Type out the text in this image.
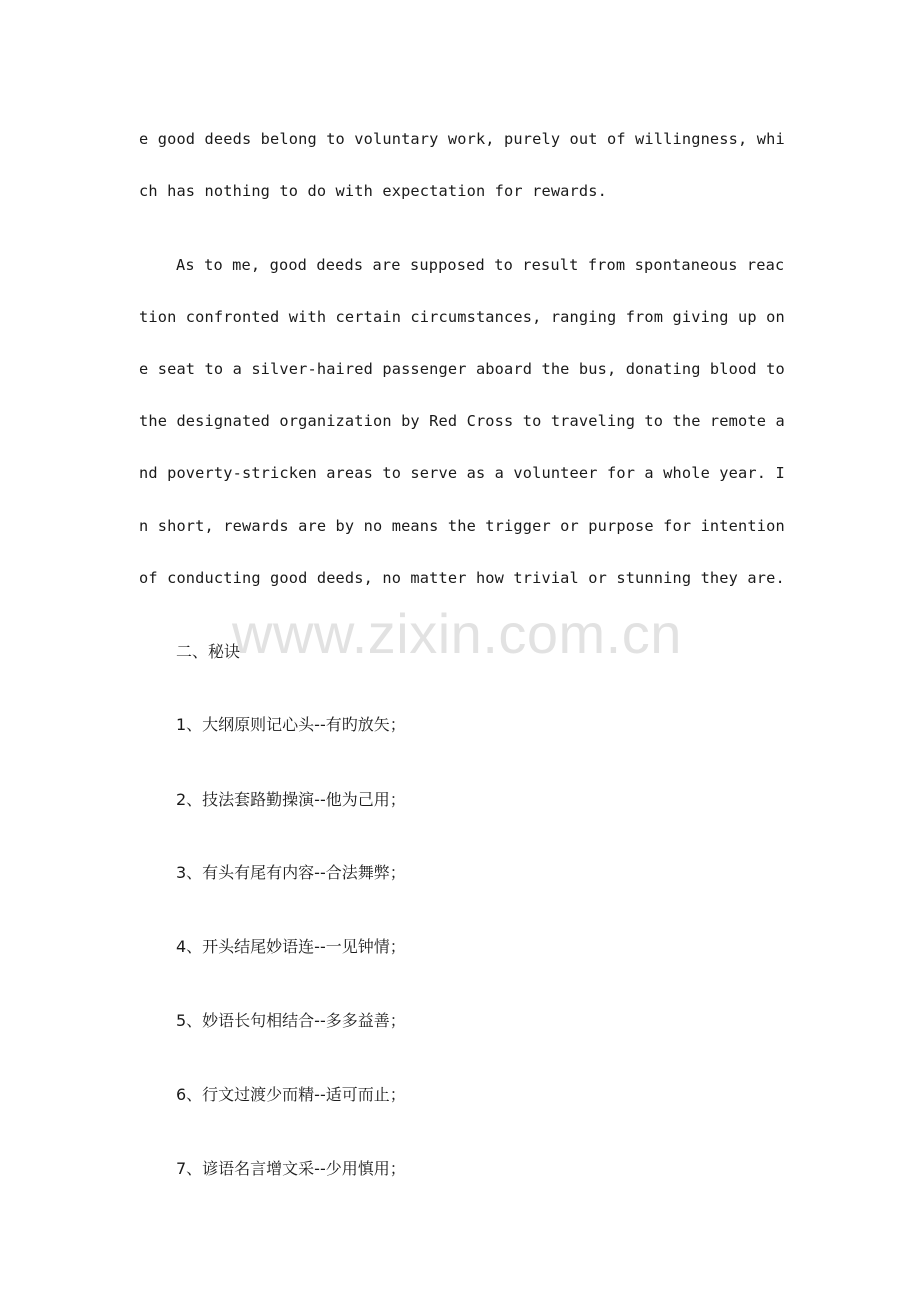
e good deeds belong to voluntary work, purely out of willingness, whi
ch has nothing to do with expectation for rewards.
As to me, good deeds are supposed to result from spontaneous reac
tion confronted with certain circumstances, ranging from giving up on
e seat to a silver-haired passenger aboard the bus, donating blood to
the designated organization by Red Cross to traveling to the remote a
nd poverty-stricken areas to serve as a volunteer for a whole year. I
n short, rewards are by no means the trigger or purpose for intention
of conducting good deeds, no matter how trivial or stunning they are.
www.zixin.com.cn
二、秘诀
1、大纲原则记心头--有旳放矢；
2、技法套路勤操演--他为己用；
3、有头有尾有内容--合法舞弊；
4、开头结尾妙语连--一见钟情；
5、妙语长句相结合--多多益善；
6、行文过渡少而精--适可而止；
7、谚语名言增文采--少用慎用；
